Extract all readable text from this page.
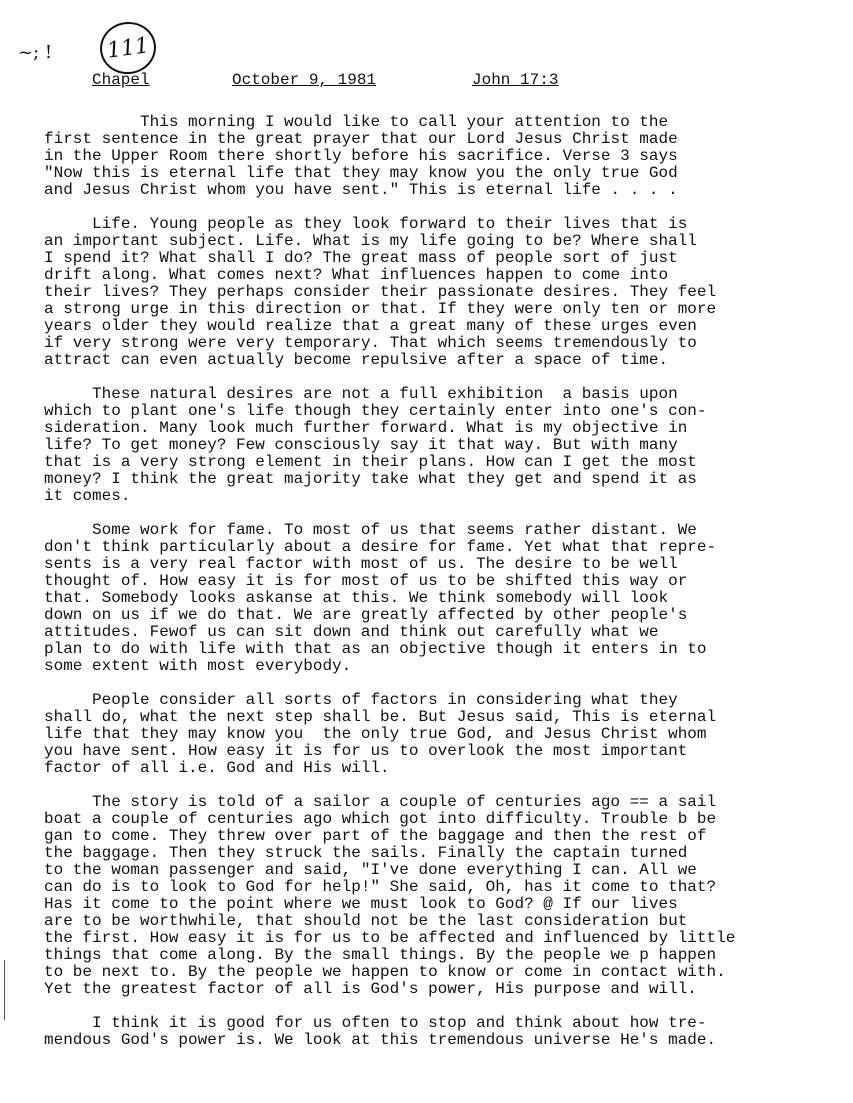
~; !	111
Chapel	October 9, 1981	John 17:3
This morning I would like to call your attention to the
first sentence in the great prayer that our Lord Jesus Christ made
in the Upper Room there shortly before his sacrifice. Verse 3 says
"Now this is eternal life that they may know you the only true God
and Jesus Christ whom you have sent." This is eternal life . . . .
Life. Young people as they look forward to their lives that is
an important subject. Life. What is my life going to be? Where shall
I spend it? What shall I do? The great mass of people sort of just
drift along. What comes next? What influences happen to come into
their lives? They perhaps consider their passionate desires. They feel
a strong urge in this direction or that. If they were only ten or more
years older they would realize that a great many of these urges even
if very strong were very temporary. That which seems tremendously to
attract can even actually become repulsive after a space of time.
These natural desires are not a full exhibition  a basis upon
which to plant one's life though they certainly enter into one's con-
sideration. Many look much further forward. What is my objective in
life? To get money? Few consciously say it that way. But with many
that is a very strong element in their plans. How can I get the most
money? I think the great majority take what they get and spend it as
it comes.
Some work for fame. To most of us that seems rather distant. We
don't think particularly about a desire for fame. Yet what that repre-
sents is a very real factor with most of us. The desire to be well
thought of. How easy it is for most of us to be shifted this way or
that. Somebody looks askanse at this. We think somebody will look
down on us if we do that. We are greatly affected by other people's
attitudes. Fewof us can sit down and think out carefully what we
plan to do with life with that as an objective though it enters in to
some extent with most everybody.
People consider all sorts of factors in considering what they
shall do, what the next step shall be. But Jesus said, This is eternal
life that they may know you  the only true God, and Jesus Christ whom
you have sent. How easy it is for us to overlook the most important
factor of all i.e. God and His will.
The story is told of a sailor a couple of centuries ago == a sail
boat a couple of centuries ago which got into difficulty. Trouble b be
gan to come. They threw over part of the baggage and then the rest of
the baggage. Then they struck the sails. Finally the captain turned
to the woman passenger and said, "I've done everything I can. All we
can do is to look to God for help!" She said, Oh, has it come to that?
Has it come to the point where we must look to God? @ If our lives
are to be worthwhile, that should not be the last consideration but
the first. How easy it is for us to be affected and influenced by little
things that come along. By the small things. By the people we p happen
to be next to. By the people we happen to know or come in contact with.
Yet the greatest factor of all is God's power, His purpose and will.
I think it is good for us often to stop and think about how tre-
mendous God's power is. We look at this tremendous universe He's made.
